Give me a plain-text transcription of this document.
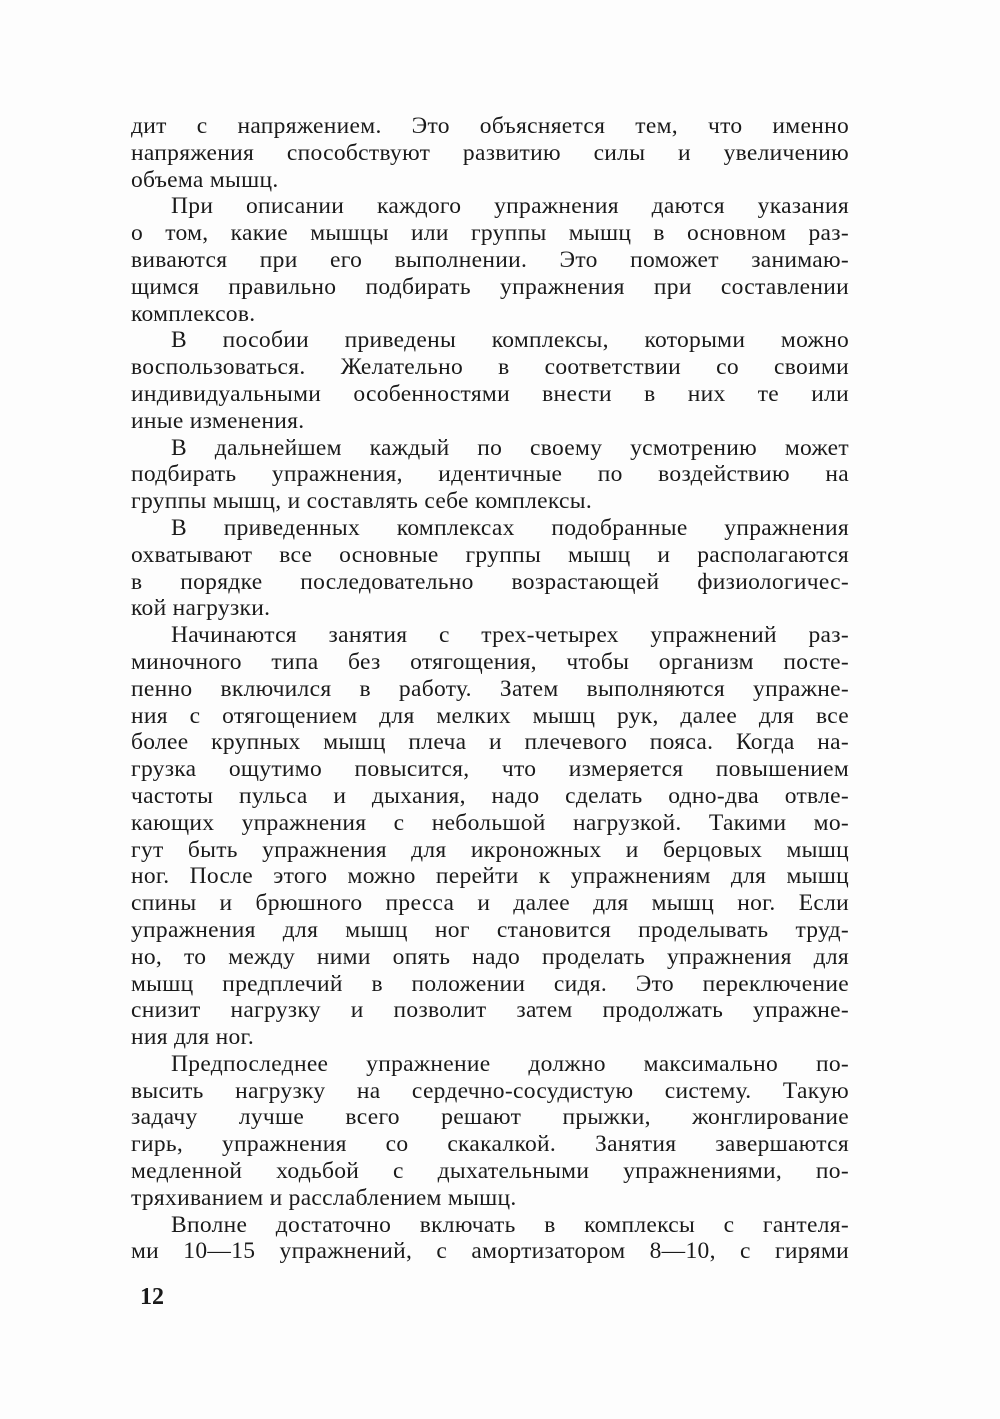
дит с напряжением. Это объясняется тем, что именно
напряжения способствуют развитию силы и увеличению
объема мышц.
При описании каждого упражнения даются указания
о том, какие мышцы или группы мышц в основном раз-
виваются при его выполнении. Это поможет занимаю-
щимся правильно подбирать упражнения при составлении
комплексов.
В пособии приведены комплексы, которыми можно
воспользоваться. Желательно в соответствии со своими
индивидуальными особенностями внести в них те или
иные изменения.
В дальнейшем каждый по своему усмотрению может
подбирать упражнения, идентичные по воздействию на
группы мышц, и составлять себе комплексы.
В приведенных комплексах подобранные упражнения
охватывают все основные группы мышц и располагаются
в порядке последовательно возрастающей физиологичес-
кой нагрузки.
Начинаются занятия с трех-четырех упражнений раз-
миночного типа без отягощения, чтобы организм посте-
пенно включился в работу. Затем выполняются упражне-
ния с отягощением для мелких мышц рук, далее для все
более крупных мышц плеча и плечевого пояса. Когда на-
грузка ощутимо повысится, что измеряется повышением
частоты пульса и дыхания, надо сделать одно-два отвле-
кающих упражнения с небольшой нагрузкой. Такими мо-
гут быть упражнения для икроножных и берцовых мышц
ног. После этого можно перейти к упражнениям для мышц
спины и брюшного пресса и далее для мышц ног. Если
упражнения для мышц ног становится проделывать труд-
но, то между ними опять надо проделать упражнения для
мышц предплечий в положении сидя. Это переключение
снизит нагрузку и позволит затем продолжать упражне-
ния для ног.
Предпоследнее упражнение должно максимально по-
высить нагрузку на сердечно-сосудистую систему. Такую
задачу лучше всего решают прыжки, жонглирование
гирь, упражнения со скакалкой. Занятия завершаются
медленной ходьбой с дыхательными упражнениями, по-
тряхиванием и расслаблением мышц.
Вполне достаточно включать в комплексы с гантеля-
ми 10—15 упражнений, с амортизатором 8—10, с гирями
12
